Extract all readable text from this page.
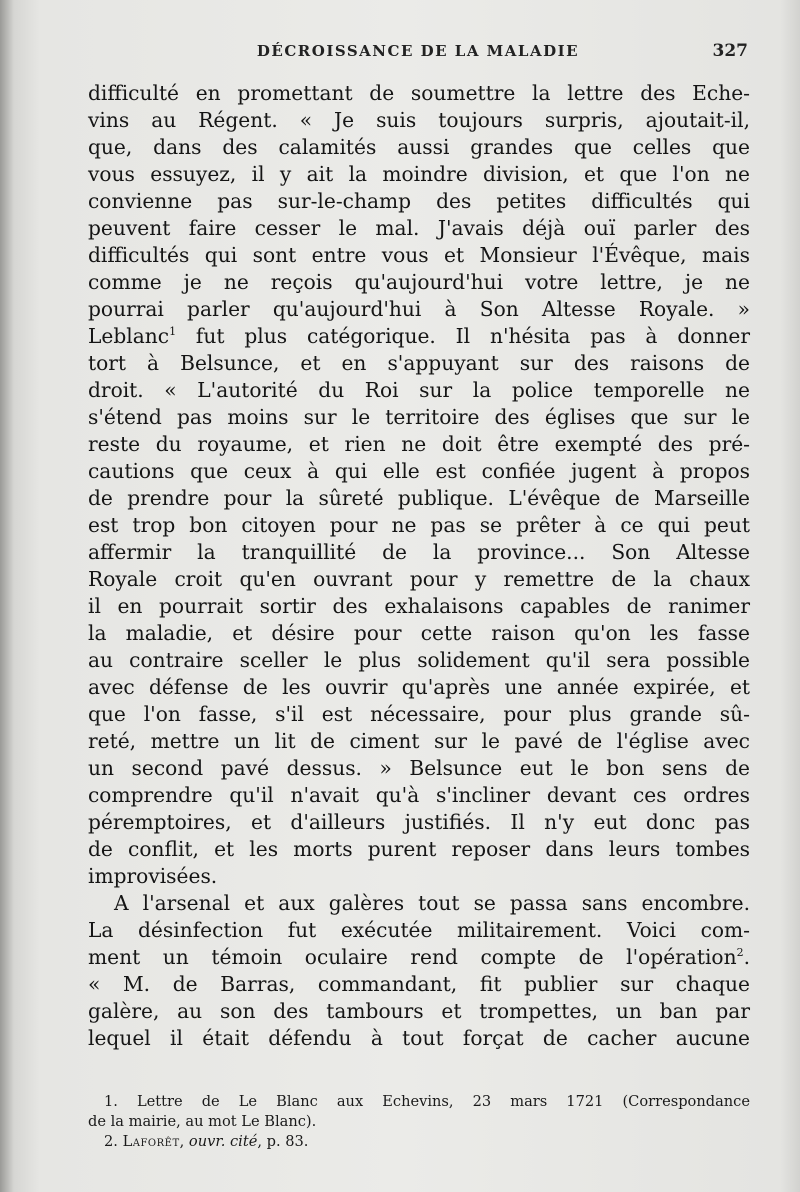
DÉCROISSANCE DE LA MALADIE	327
difficulté en promettant de soumettre la lettre des Eche-
vins au Régent. « Je suis toujours surpris, ajoutait-il,
que, dans des calamités aussi grandes que celles que
vous essuyez, il y ait la moindre division, et que l'on ne
convienne pas sur-le-champ des petites difficultés qui
peuvent faire cesser le mal. J'avais déjà ouï parler des
difficultés qui sont entre vous et Monsieur l'Évêque, mais
comme je ne reçois qu'aujourd'hui votre lettre, je ne
pourrai parler qu'aujourd'hui à Son Altesse Royale. »
Leblanc$^1$ fut plus catégorique. Il n'hésita pas à donner
tort à Belsunce, et en s'appuyant sur des raisons de
droit. « L'autorité du Roi sur la police temporelle ne
s'étend pas moins sur le territoire des églises que sur le
reste du royaume, et rien ne doit être exempté des pré-
cautions que ceux à qui elle est confiée jugent à propos
de prendre pour la sûreté publique. L'évêque de Marseille
est trop bon citoyen pour ne pas se prêter à ce qui peut
affermir la tranquillité de la province... Son Altesse
Royale croit qu'en ouvrant pour y remettre de la chaux
il en pourrait sortir des exhalaisons capables de ranimer
la maladie, et désire pour cette raison qu'on les fasse
au contraire sceller le plus solidement qu'il sera possible
avec défense de les ouvrir qu'après une année expirée, et
que l'on fasse, s'il est nécessaire, pour plus grande sû-
reté, mettre un lit de ciment sur le pavé de l'église avec
un second pavé dessus. » Belsunce eut le bon sens de
comprendre qu'il n'avait qu'à s'incliner devant ces ordres
péremptoires, et d'ailleurs justifiés. Il n'y eut donc pas
de conflit, et les morts purent reposer dans leurs tombes
improvisées.
A l'arsenal et aux galères tout se passa sans encombre.
La désinfection fut exécutée militairement. Voici com-
ment un témoin oculaire rend compte de l'opération$^2$.
« M. de Barras, commandant, fit publier sur chaque
galère, au son des tambours et trompettes, un ban par
lequel il était défendu à tout forçat de cacher aucune
1. Lettre de Le Blanc aux Echevins, 23 mars 1721 (Correspondance
de la mairie, au mot Le Blanc).
2. Laforêt, ouvr. cité, p. 83.
